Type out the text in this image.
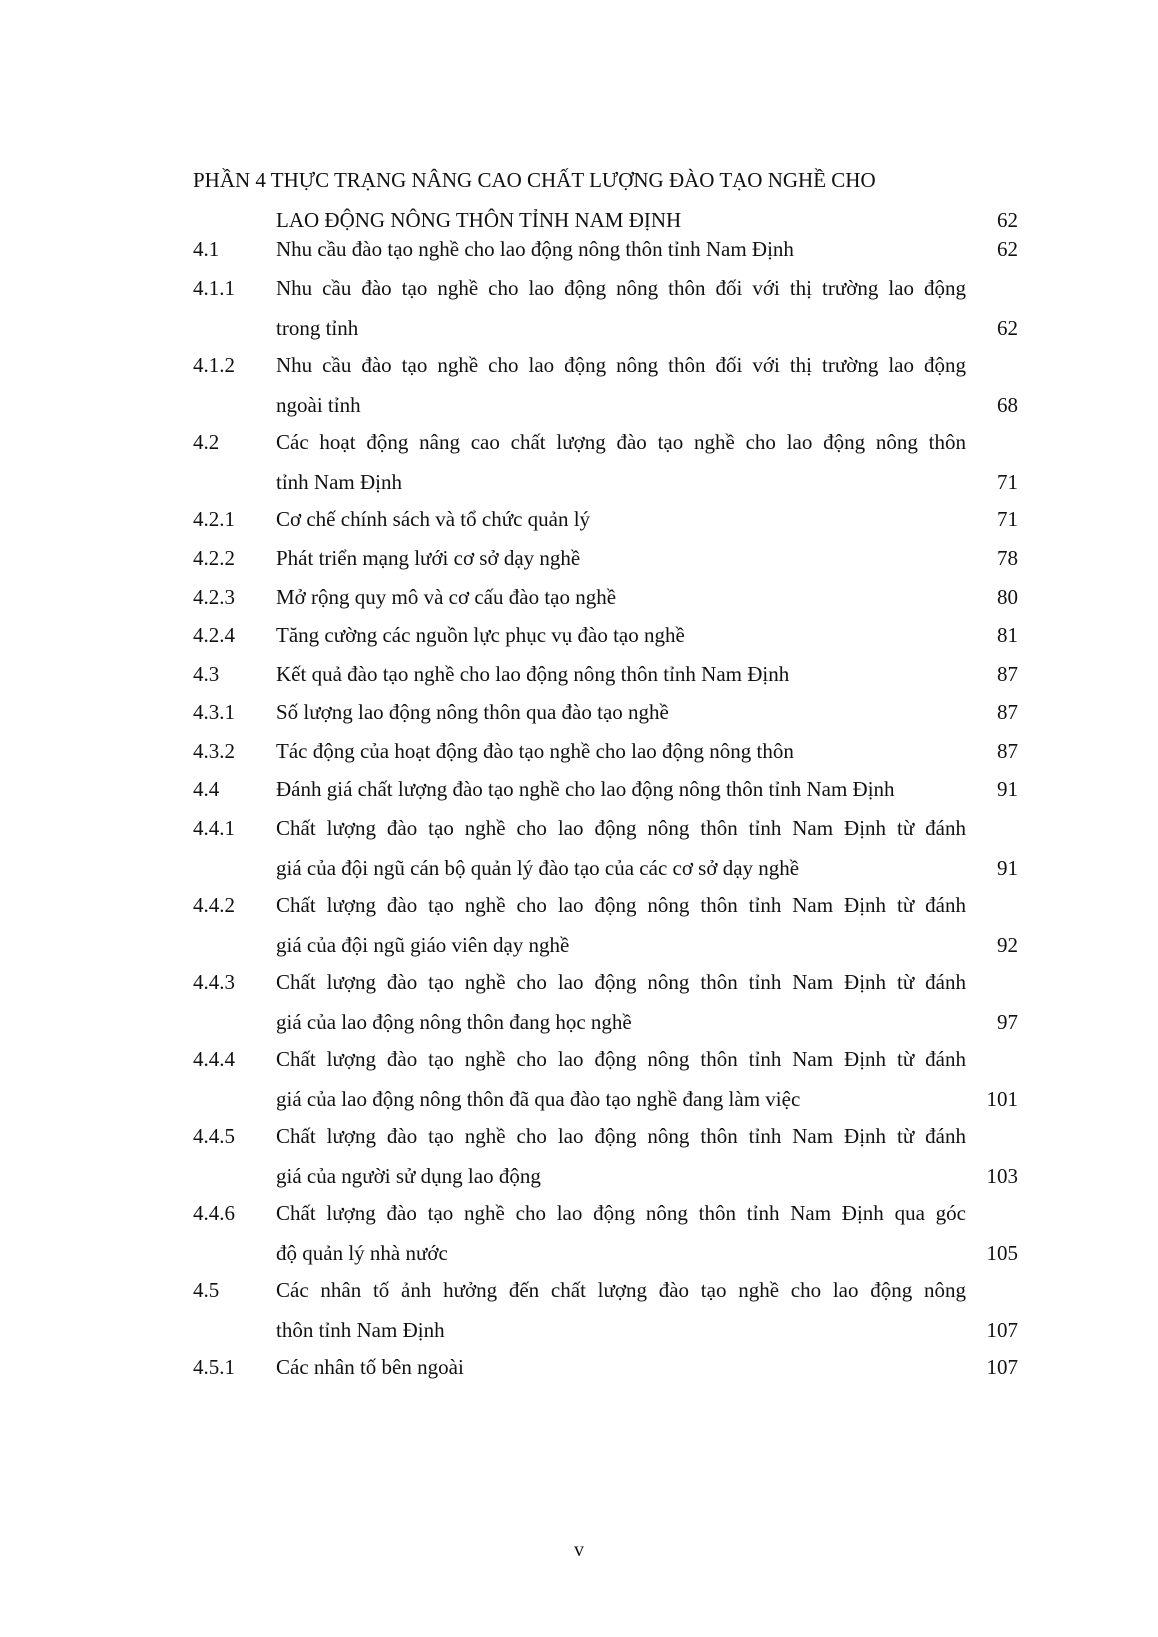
PHẦN 4 THỰC TRẠNG NÂNG CAO CHẤT LƯỢNG ĐÀO TẠO NGHỀ CHO
LAO ĐỘNG NÔNG THÔN TỈNH NAM ĐỊNH	62
4.1	Nhu cầu đào tạo nghề cho lao động nông thôn tỉnh Nam Định	62
4.1.1 Nhu cầu đào tạo nghề cho lao động nông thôn đối với thị trường lao động
trong tỉnh	62
4.1.2 Nhu cầu đào tạo nghề cho lao động nông thôn đối với thị trường lao động
ngoài tỉnh	68
4.2	Các hoạt động nâng cao chất lượng đào tạo nghề cho lao động nông thôn
tỉnh Nam Định	71
4.2.1 Cơ chế chính sách và tổ chức quản lý	71
4.2.2 Phát triển mạng lưới cơ sở dạy nghề	78
4.2.3 Mở rộng quy mô và cơ cấu đào tạo nghề	80
4.2.4 Tăng cường các nguồn lực phục vụ đào tạo nghề	81
4.3	Kết quả đào tạo nghề cho lao động nông thôn tỉnh Nam Định	87
4.3.1 Số lượng lao động nông thôn qua đào tạo nghề	87
4.3.2 Tác động của hoạt động đào tạo nghề cho lao động nông thôn	87
4.4	Đánh giá chất lượng đào tạo nghề cho lao động nông thôn tỉnh Nam Định	91
4.4.1 Chất lượng đào tạo nghề cho lao động nông thôn tỉnh Nam Định từ đánh
giá của đội ngũ cán bộ quản lý đào tạo của các cơ sở dạy nghề	91
4.4.2 Chất lượng đào tạo nghề cho lao động nông thôn tỉnh Nam Định từ đánh
giá của đội ngũ giáo viên dạy nghề	92
4.4.3 Chất lượng đào tạo nghề cho lao động nông thôn tỉnh Nam Định từ đánh
giá của lao động nông thôn đang học nghề	97
4.4.4 Chất lượng đào tạo nghề cho lao động nông thôn tỉnh Nam Định từ đánh
giá của lao động nông thôn đã qua đào tạo nghề đang làm việc	101
4.4.5 Chất lượng đào tạo nghề cho lao động nông thôn tỉnh Nam Định từ đánh
giá của người sử dụng lao động	103
4.4.6 Chất lượng đào tạo nghề cho lao động nông thôn tỉnh Nam Định qua góc
độ quản lý nhà nước	105
4.5	Các nhân tố ảnh hưởng đến chất lượng đào tạo nghề cho lao động nông
thôn tỉnh Nam Định	107
4.5.1 Các nhân tố bên ngoài	107
v
